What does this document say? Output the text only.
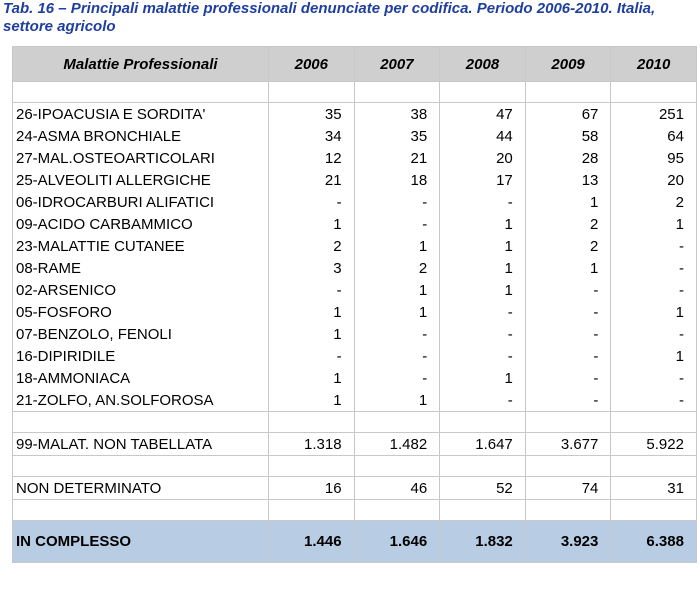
Tab. 16 – Principali malattie professionali denunciate per codifica. Periodo 2006-2010. Italia, settore agricolo
Malattie Professionali	2006	2007	2008	2009	2010

26-IPOACUSIA E SORDITA'	35	38	47	67	251
24-ASMA BRONCHIALE	34	35	44	58	64
27-MAL.OSTEOARTICOLARI	12	21	20	28	95
25-ALVEOLITI ALLERGICHE	21	18	17	13	20
06-IDROCARBURI ALIFATICI	-	-	-	1	2
09-ACIDO CARBAMMICO	1	-	1	2	1
23-MALATTIE CUTANEE	2	1	1	2	-
08-RAME	3	2	1	1	-
02-ARSENICO	-	1	1	-	-
05-FOSFORO	1	1	-	-	1
07-BENZOLO, FENOLI	1	-	-	-	-
16-DIPIRIDILE	-	-	-	-	1
18-AMMONIACA	1	-	1	-	-
21-ZOLFO, AN.SOLFOROSA	1	1	-	-	-

99-MALAT. NON TABELLATA	1.318	1.482	1.647	3.677	5.922

NON DETERMINATO	16	46	52	74	31

IN COMPLESSO	1.446	1.646	1.832	3.923	6.388
